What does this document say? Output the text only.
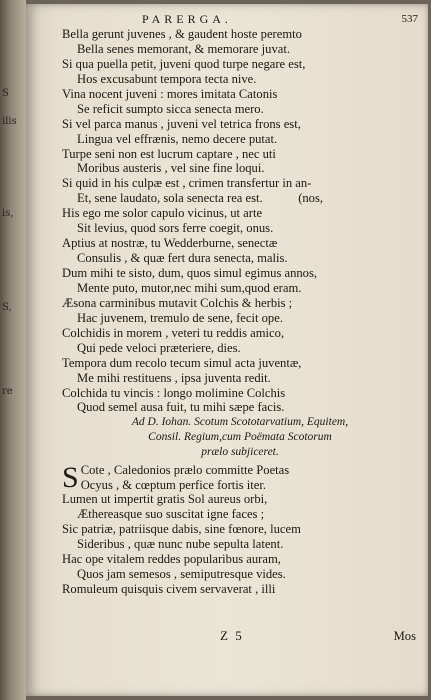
S
ilis
is,
S,
re
PARERGA.	537
Bella gerunt juvenes , & gaudent hoste peremto
Bella senes memorant, & memorare juvat.
Si qua puella petit, juveni quod turpe negare est,
Hos excusabunt tempora tecta nive.
Vina nocent juveni : mores imitata Catonis
Se reficit sumpto sicca senecta mero.
Si vel parca manus , juveni vel tetrica frons est,
Lingua vel effrænis, nemo decere putat.
Turpe seni non est lucrum captare , nec uti
Moribus austeris , vel sine fine loqui.
Si quid in his culpæ est , crimen transfertur in an-
Et, sene laudato, sola senecta rea est.	(nos,
His ego me solor capulo vicinus, ut arte
Sit levius, quod sors ferre coegit, onus.
Aptius at nostræ, tu Wedderburne, senectæ
Consulis , & quæ fert dura senecta, malis.
Dum mihi te sisto, dum, quos simul egimus annos,
Mente puto, mutor,nec mihi sum,quod eram.
Æsona carminibus mutavit Colchis & herbis ;
Hac juvenem, tremulo de sene, fecit ope.
Colchidis in morem , veteri tu reddis amico,
Qui pede veloci præteriere, dies.
Tempora dum recolo tecum simul acta juventæ,
Me mihi restituens , ipsa juventa redit.
Colchida tu vincis : longo molimine Colchis
Quod semel ausa fuit, tu mihi sæpe facis.
Ad D. Iohan. Scotum Scototarvatium, Equitem,
Consil. Regium,cum Poëmata Scotorum
prælo subjiceret.
S Cote , Caledonios prælo committe Poetas
Ocyus , & cœptum perfice fortis iter.
Lumen ut impertit gratis Sol aureus orbi,
Æthereasque suo suscitat igne faces ;
Sic patriæ, patriisque dabis, sine fœnore, lucem
Sideribus , quæ nunc nube sepulta latent.
Hac ope vitalem reddes popularibus auram,
Quos jam semesos , semiputresque vides.
Romuleum quisquis civem servaverat , illi
Z 5	Mos
